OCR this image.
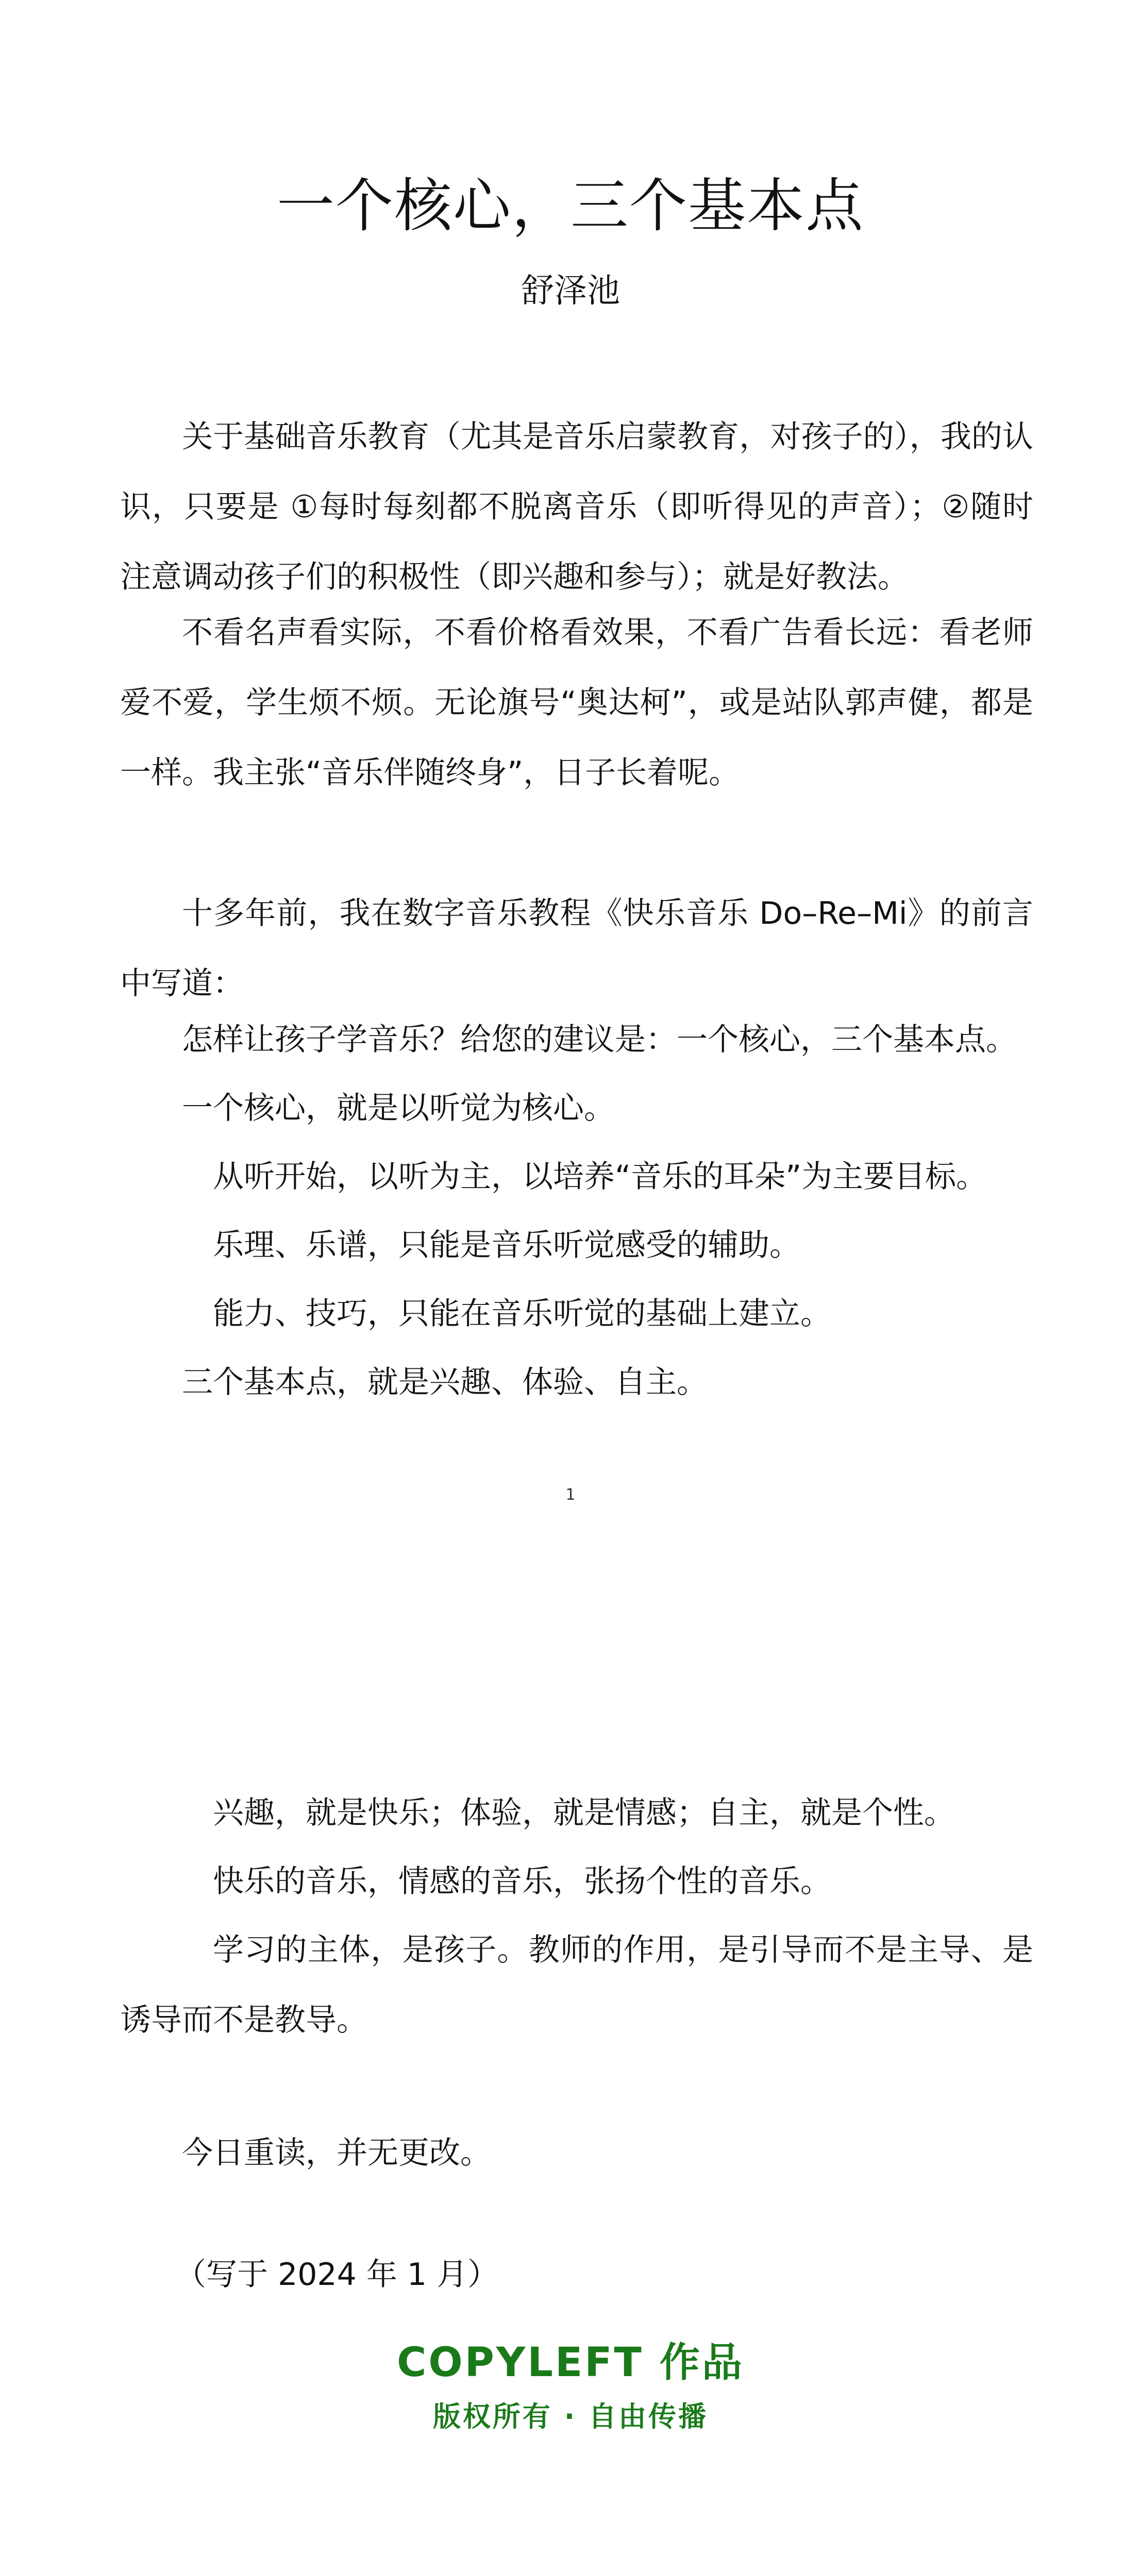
一个核心，三个基本点
舒泽池

关于基础音乐教育（尤其是音乐启蒙教育，对孩子的），我的认识，只要是 ①每时每刻都不脱离音乐（即听得见的声音）；②随时注意调动孩子们的积极性（即兴趣和参与）；就是好教法。

不看名声看实际，不看价格看效果，不看广告看长远：看老师爱不爱，学生烦不烦。无论旗号“奥达柯”，或是站队郭声健，都是一样。我主张“音乐伴随终身”，日子长着呢。

十多年前，我在数字音乐教程《快乐音乐 Do–Re–Mi》的前言中写道：

怎样让孩子学音乐？给您的建议是：一个核心，三个基本点。

一个核心，就是以听觉为核心。

从听开始，以听为主，以培养“音乐的耳朵”为主要目标。

乐理、乐谱，只能是音乐听觉感受的辅助。

能力、技巧，只能在音乐听觉的基础上建立。

三个基本点，就是兴趣、体验、自主。

1

兴趣，就是快乐；体验，就是情感；自主，就是个性。

快乐的音乐，情感的音乐，张扬个性的音乐。

学习的主体，是孩子。教师的作用，是引导而不是主导、是诱导而不是教导。

今日重读，并无更改。

（写于 2024 年 1 月）

COPYLEFT 作品
版权所有 · 自由传播
